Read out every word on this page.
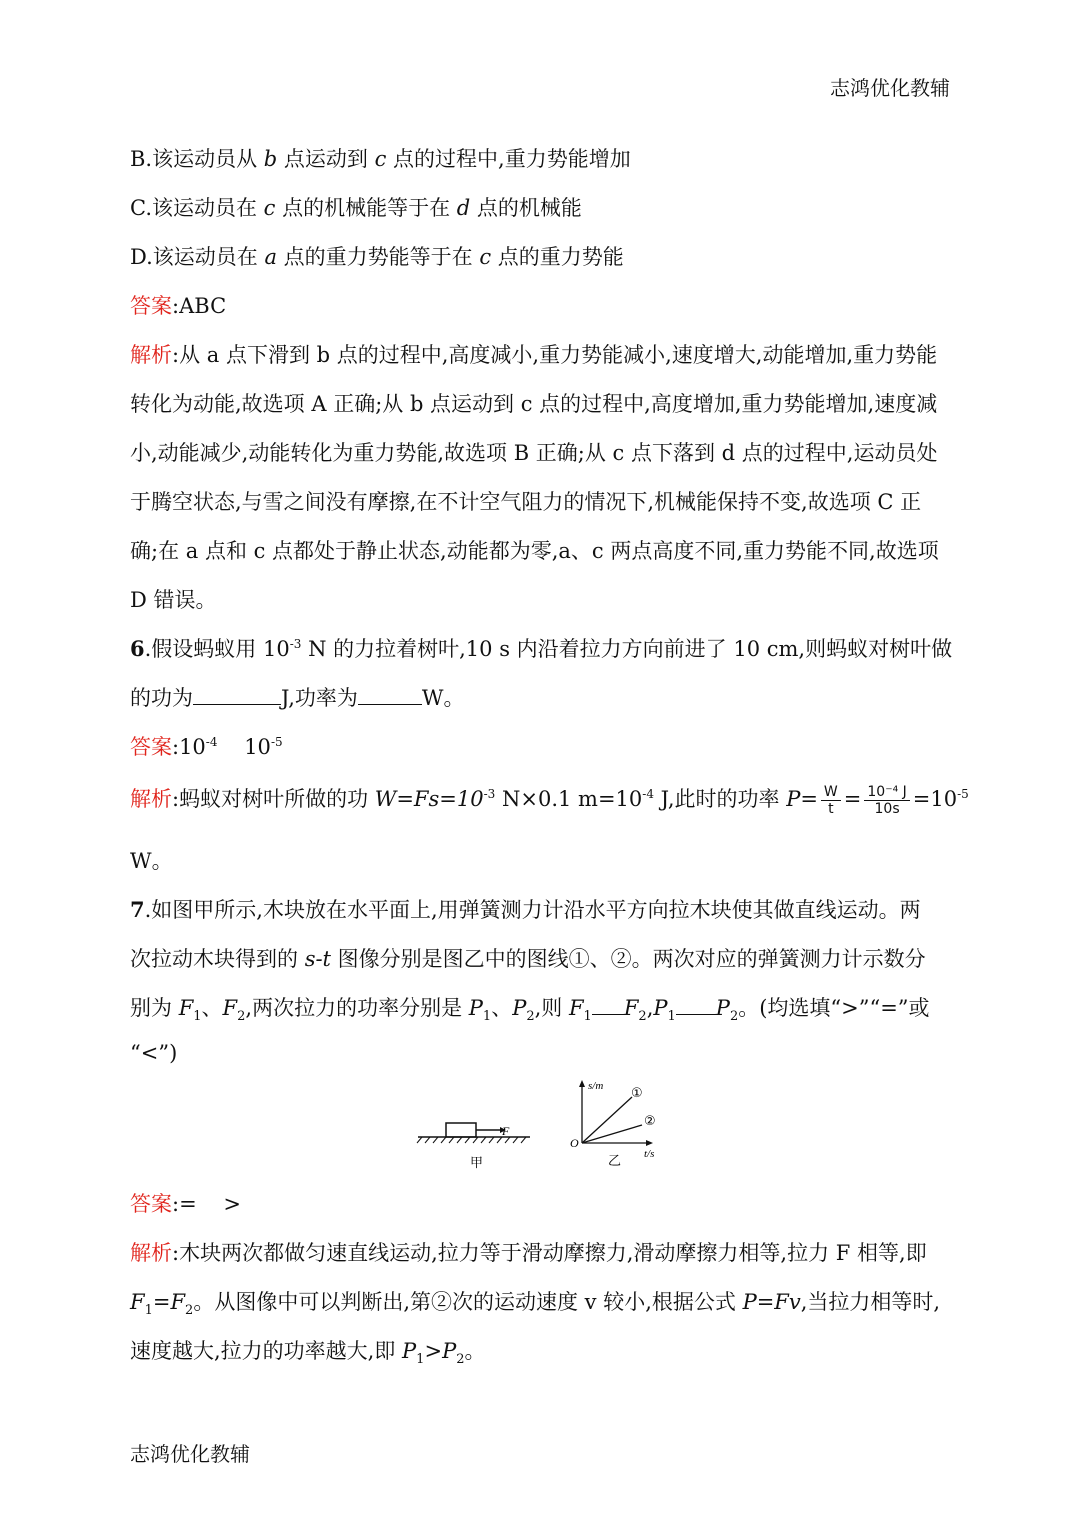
志鸿优化教辅
B.该运动员从 b 点运动到 c 点的过程中,重力势能增加
C.该运动员在 c 点的机械能等于在 d 点的机械能
D.该运动员在 a 点的重力势能等于在 c 点的重力势能
答案:ABC
解析:从 a 点下滑到 b 点的过程中,高度减小,重力势能减小,速度增大,动能增加,重力势能
转化为动能,故选项 A 正确;从 b 点运动到 c 点的过程中,高度增加,重力势能增加,速度减
小,动能减少,动能转化为重力势能,故选项 B 正确;从 c 点下落到 d 点的过程中,运动员处
于腾空状态,与雪之间没有摩擦,在不计空气阻力的情况下,机械能保持不变,故选项 C 正
确;在 a 点和 c 点都处于静止状态,动能都为零,a、c 两点高度不同,重力势能不同,故选项
D 错误。
6.假设蚂蚁用 $10^{-3}$ N 的力拉着树叶,10 s 内沿着拉力方向前进了 10 cm,则蚂蚁对树叶做
的功为	J,功率为	W。
答案$:10^{-4}$    $10^{-5}$
解析:蚂蚁对树叶所做的功 $W=Fs=10^{-3}$ N×0.1 $m=10^{-4}$ J,此时的功率 $P= \frac{W}{t} = \frac{\text{10⁻⁴ J}}{10s} =10^{-5}$
W。
7.如图甲所示,木块放在水平面上,用弹簧测力计沿水平方向拉木块使其做直线运动。两
次拉动木块得到的 s-t 图像分别是图乙中的图线①、②。两次对应的弹簧测力计示数分
别为 $F_1$、$F_2$,两次拉力的功率分别是 $P_1$、$P_2$,则 $F_1$ $F_2,P_1$ $P_2$。(均选填“>”“=”或
“<”)
F
甲
O
s/m
t/s
①
②
乙
答案:=    >
解析:木块两次都做匀速直线运动,拉力等于滑动摩擦力,滑动摩擦力相等,拉力 F 相等,即
$F_1=F_2$。从图像中可以判断出,第②次的运动速度 v 较小,根据公式 P=Fv,当拉力相等时,
速度越大,拉力的功率越大,即 $P_1>P_2$。
志鸿优化教辅
